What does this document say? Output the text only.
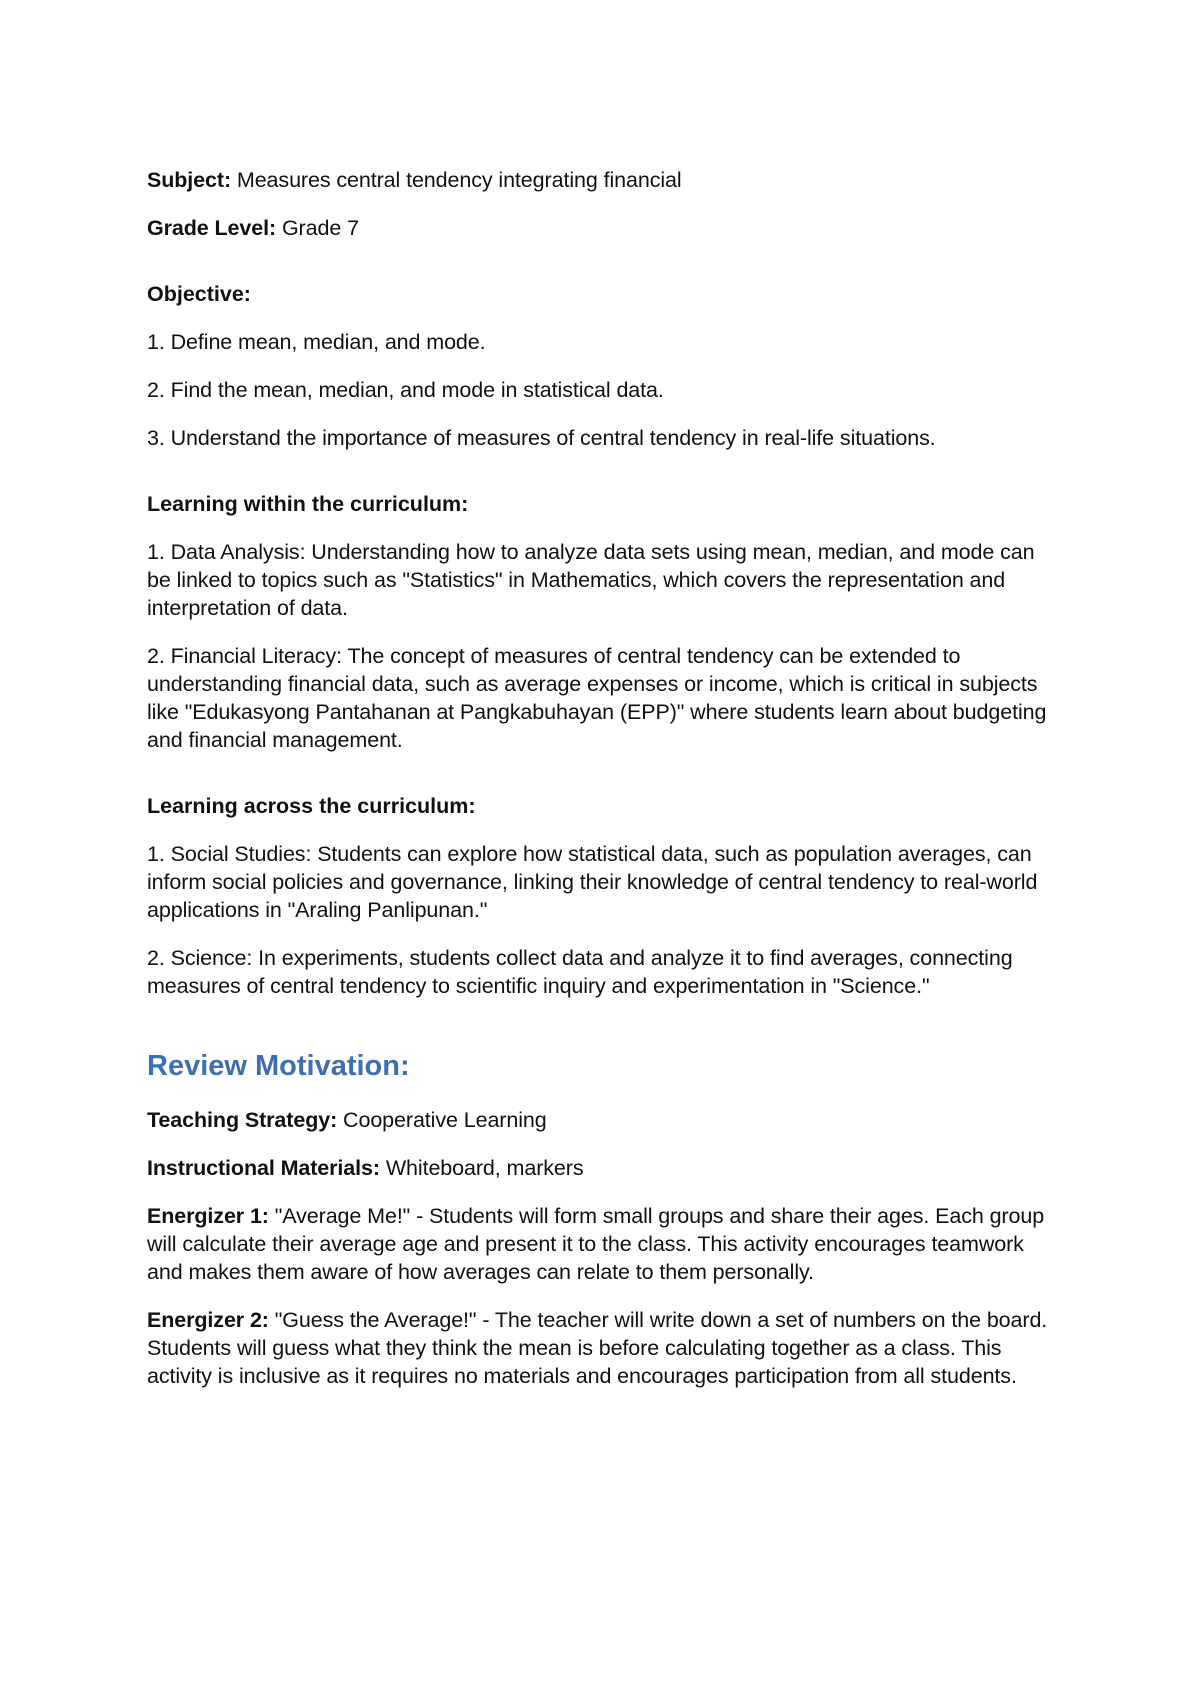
Subject: Measures central tendency integrating financial

Grade Level: Grade 7

Objective:

1. Define mean, median, and mode.

2. Find the mean, median, and mode in statistical data.

3. Understand the importance of measures of central tendency in real-life situations.

Learning within the curriculum:

1. Data Analysis: Understanding how to analyze data sets using mean, median, and mode can be linked to topics such as "Statistics" in Mathematics, which covers the representation and interpretation of data.

2. Financial Literacy: The concept of measures of central tendency can be extended to understanding financial data, such as average expenses or income, which is critical in subjects like "Edukasyong Pantahanan at Pangkabuhayan (EPP)" where students learn about budgeting and financial management.

Learning across the curriculum:

1. Social Studies: Students can explore how statistical data, such as population averages, can inform social policies and governance, linking their knowledge of central tendency to real-world applications in "Araling Panlipunan."

2. Science: In experiments, students collect data and analyze it to find averages, connecting measures of central tendency to scientific inquiry and experimentation in "Science."

Review Motivation:

Teaching Strategy: Cooperative Learning

Instructional Materials: Whiteboard, markers

Energizer 1: "Average Me!" - Students will form small groups and share their ages. Each group will calculate their average age and present it to the class. This activity encourages teamwork and makes them aware of how averages can relate to them personally.

Energizer 2: "Guess the Average!" - The teacher will write down a set of numbers on the board. Students will guess what they think the mean is before calculating together as a class. This activity is inclusive as it requires no materials and encourages participation from all students.
